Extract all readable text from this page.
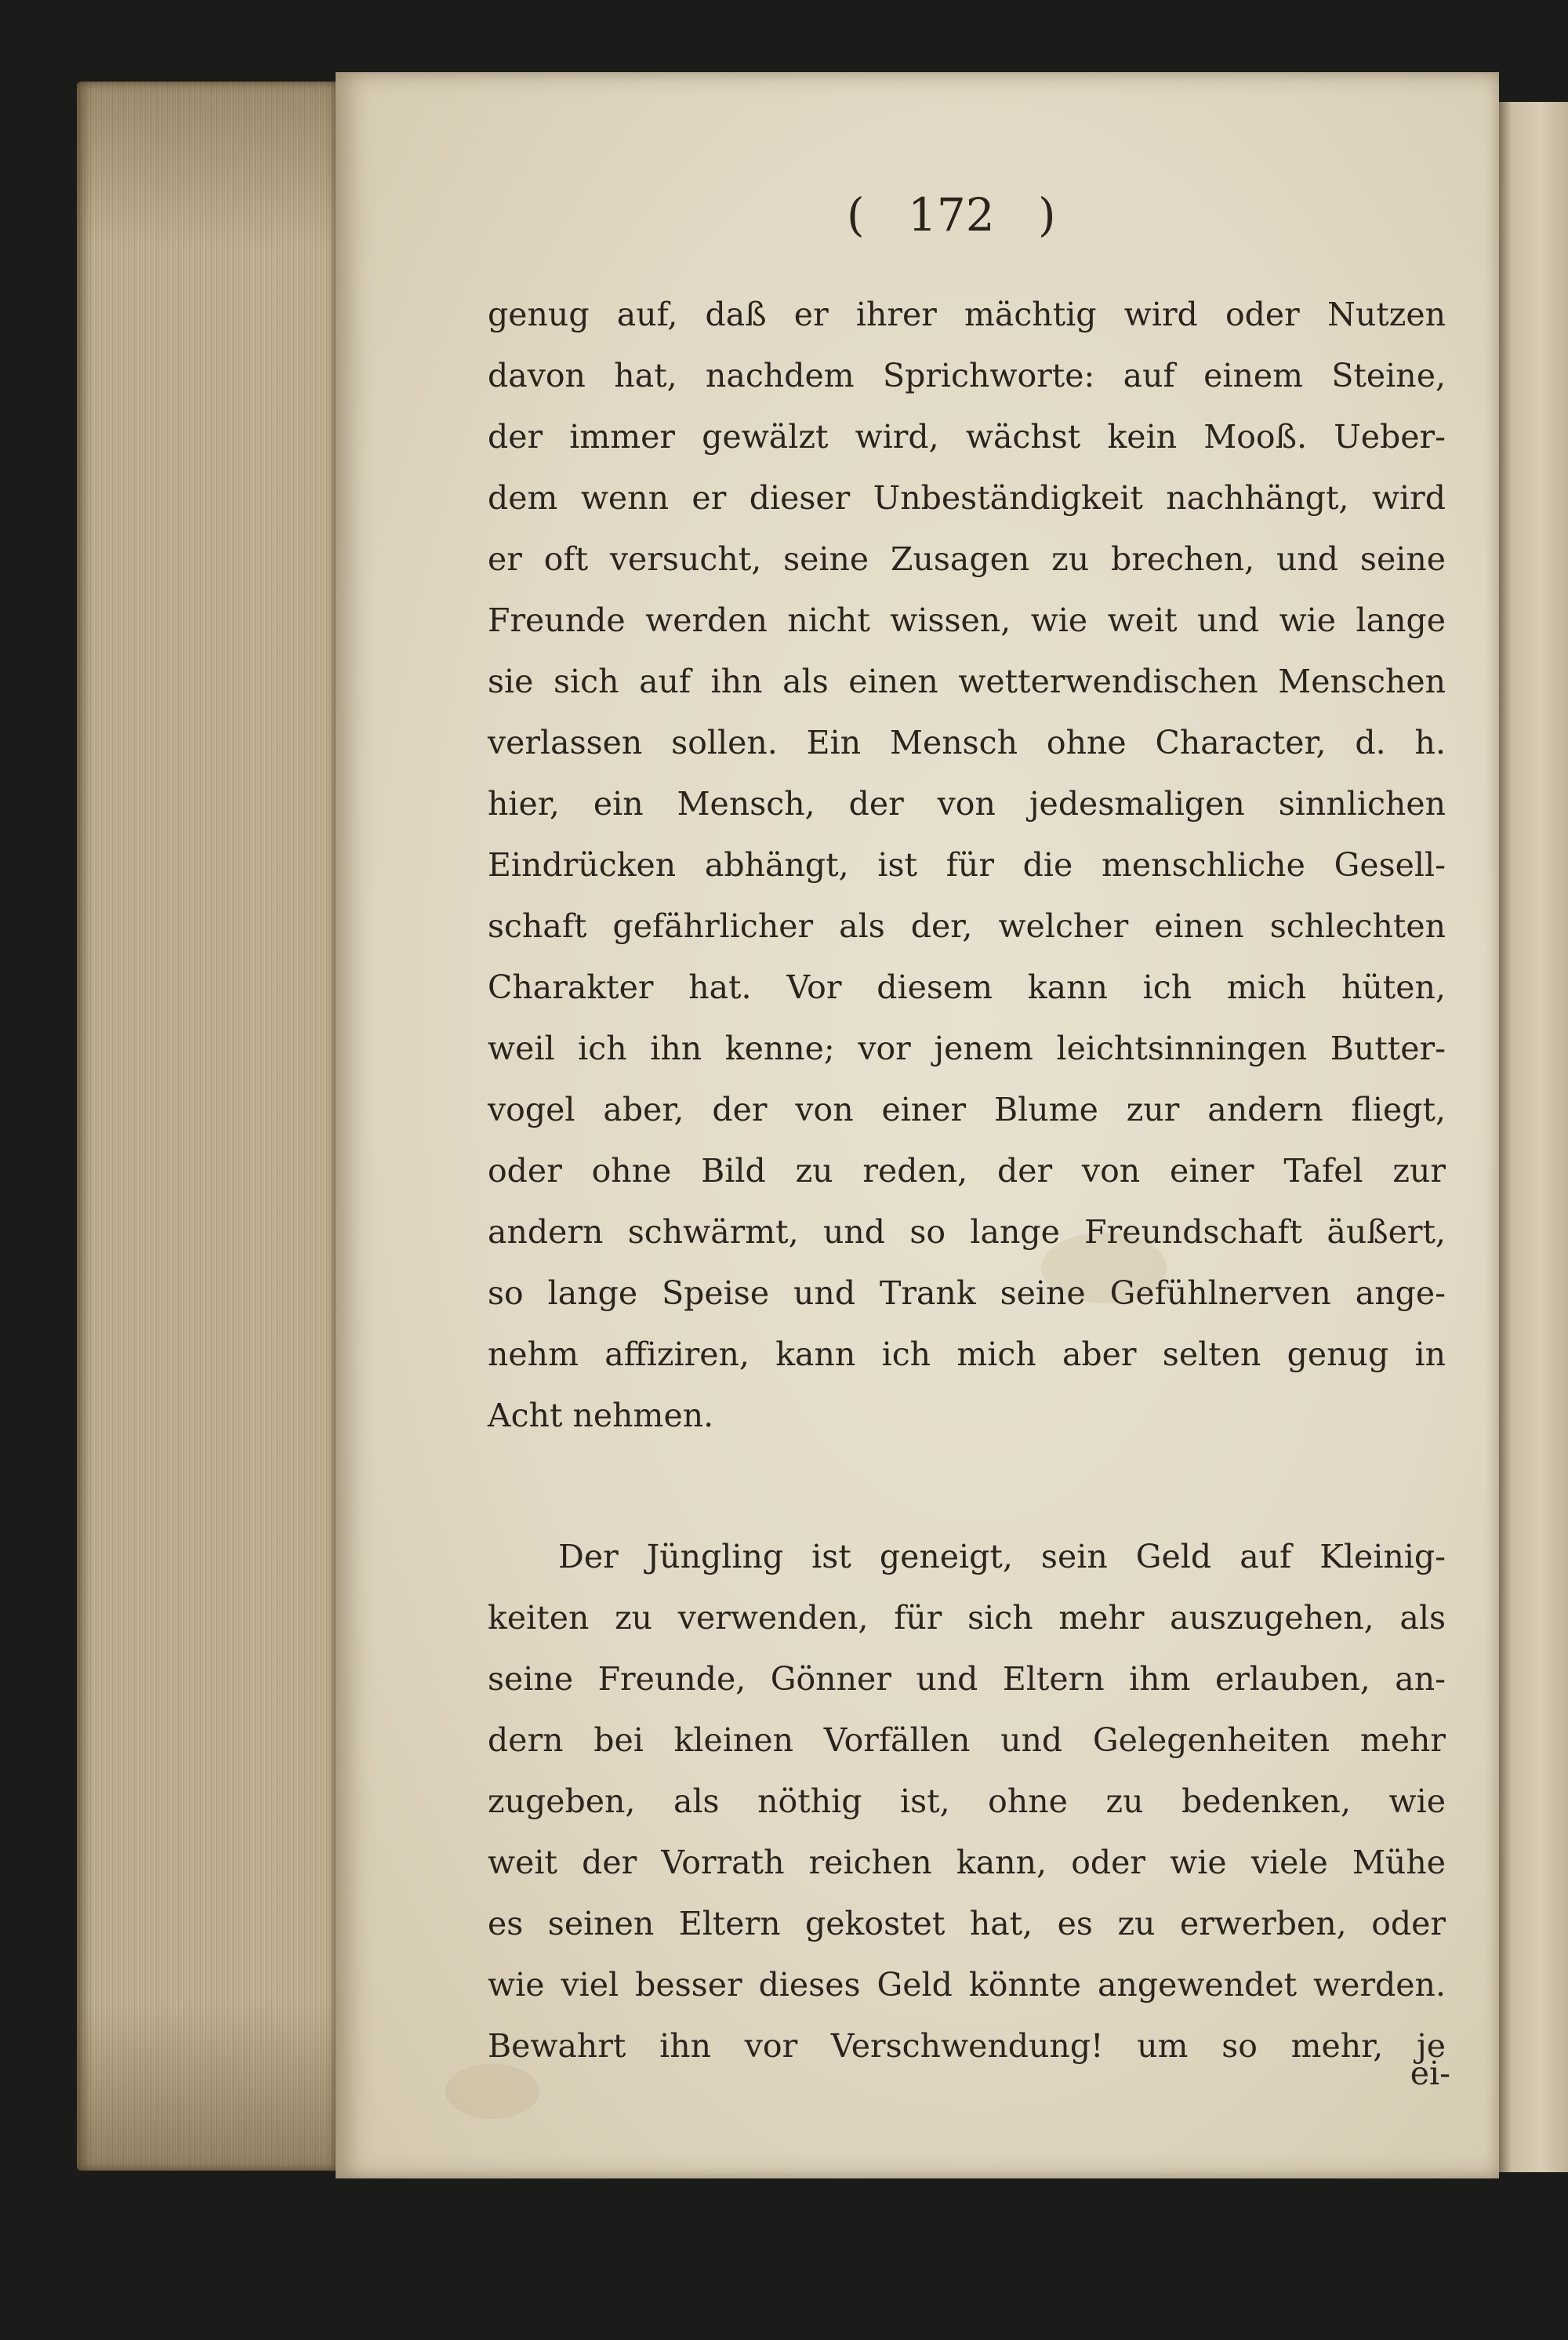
(   172   )
genug auf, daß er ihrer mächtig wird oder Nutzen
davon hat, nachdem Sprichworte: auf einem Steine,
der immer gewälzt wird, wächst kein Mooß. Ueber-
dem wenn er dieser Unbeständigkeit nachhängt, wird
er oft versucht, seine Zusagen zu brechen, und seine
Freunde werden nicht wissen, wie weit und wie lange
sie sich auf ihn als einen wetterwendischen Menschen
verlassen sollen. Ein Mensch ohne Character, d. h.
hier, ein Mensch, der von jedesmaligen sinnlichen
Eindrücken abhängt, ist für die menschliche Gesell-
schaft gefährlicher als der, welcher einen schlechten
Charakter hat. Vor diesem kann ich mich hüten,
weil ich ihn kenne; vor jenem leichtsinningen Butter-
vogel aber, der von einer Blume zur andern fliegt,
oder ohne Bild zu reden, der von einer Tafel zur
andern schwärmt, und so lange Freundschaft äußert,
so lange Speise und Trank seine Gefühlnerven ange-
nehm affiziren, kann ich mich aber selten genug in
Acht nehmen.
Der Jüngling ist geneigt, sein Geld auf Kleinig-
keiten zu verwenden, für sich mehr auszugehen, als
seine Freunde, Gönner und Eltern ihm erlauben, an-
dern bei kleinen Vorfällen und Gelegenheiten mehr
zugeben, als nöthig ist, ohne zu bedenken, wie
weit der Vorrath reichen kann, oder wie viele Mühe
es seinen Eltern gekostet hat, es zu erwerben, oder
wie viel besser dieses Geld könnte angewendet werden.
Bewahrt ihn vor Verschwendung! um so mehr, je
ei-
